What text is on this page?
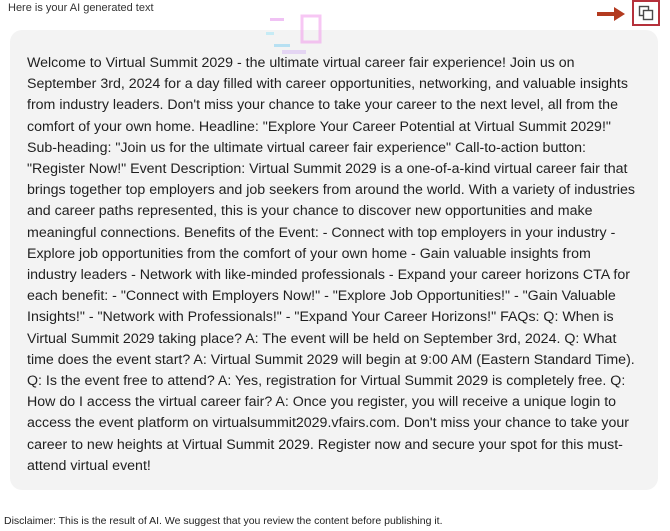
Here is your AI generated text

Welcome to Virtual Summit 2029 - the ultimate virtual career fair experience! Join us on September 3rd, 2024 for a day filled with career opportunities, networking, and valuable insights from industry leaders. Don't miss your chance to take your career to the next level, all from the comfort of your own home. Headline: "Explore Your Career Potential at Virtual Summit 2029!" Sub-heading: "Join us for the ultimate virtual career fair experience" Call-to-action button: "Register Now!" Event Description: Virtual Summit 2029 is a one-of-a-kind virtual career fair that brings together top employers and job seekers from around the world. With a variety of industries and career paths represented, this is your chance to discover new opportunities and make meaningful connections. Benefits of the Event: - Connect with top employers in your industry - Explore job opportunities from the comfort of your own home - Gain valuable insights from industry leaders - Network with like-minded professionals - Expand your career horizons CTA for each benefit: - "Connect with Employers Now!" - "Explore Job Opportunities!" - "Gain Valuable Insights!" - "Network with Professionals!" - "Expand Your Career Horizons!" FAQs: Q: When is Virtual Summit 2029 taking place? A: The event will be held on September 3rd, 2024. Q: What time does the event start? A: Virtual Summit 2029 will begin at 9:00 AM (Eastern Standard Time). Q: Is the event free to attend? A: Yes, registration for Virtual Summit 2029 is completely free. Q: How do I access the virtual career fair? A: Once you register, you will receive a unique login to access the event platform on virtualsummit2029.vfairs.com. Don't miss your chance to take your career to new heights at Virtual Summit 2029. Register now and secure your spot for this must-attend virtual event!

Disclaimer: This is the result of AI. We suggest that you review the content before publishing it.
